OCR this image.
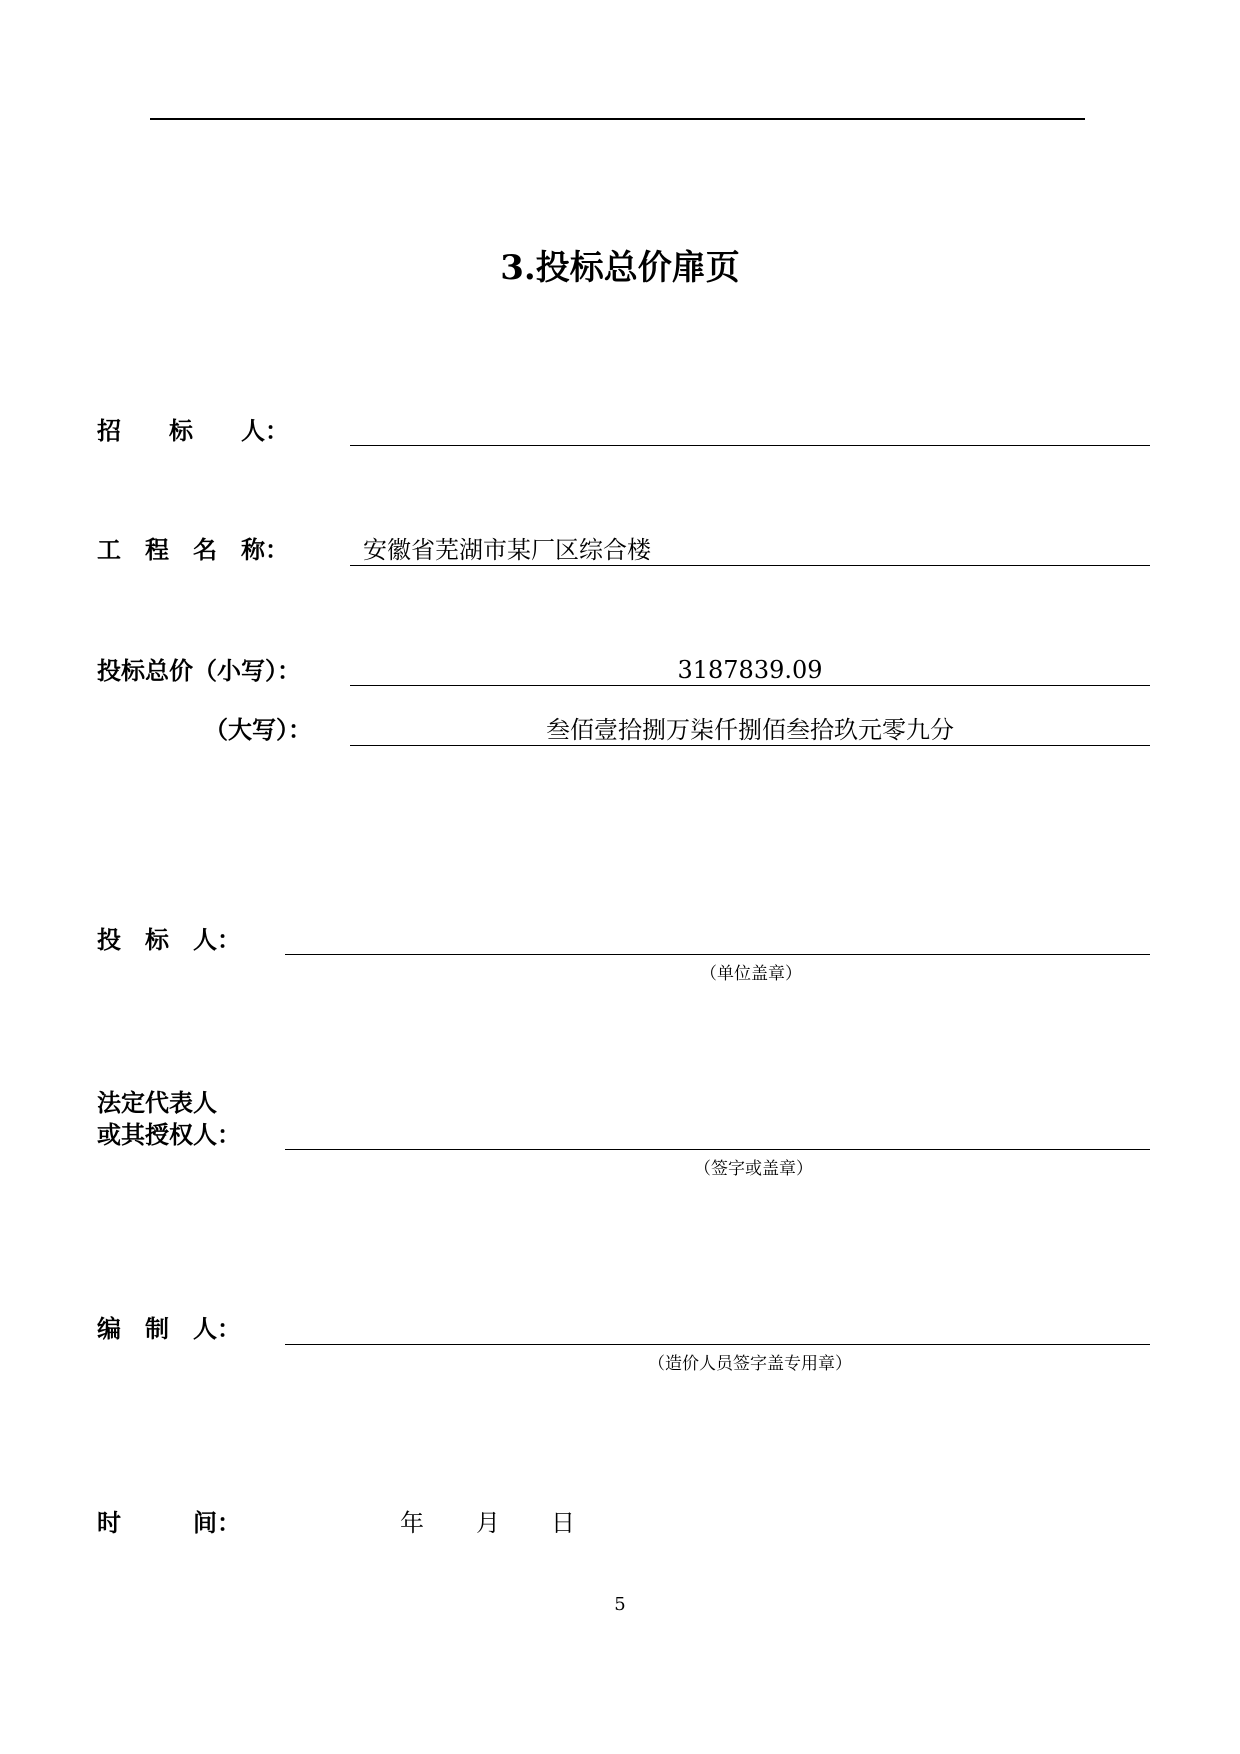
3.投标总价扉页
招　　标　　人：
工　程　名　称：	安徽省芜湖市某厂区综合楼
投标总价（小写）：	3187839.09
（大写）：	叁佰壹拾捌万柒仟捌佰叁拾玖元零九分
投　标　人：
（单位盖章）
法定代表人
或其授权人：
（签字或盖章）
编　制　人：
（造价人员签字盖专用章）
时　　　间：	年 月 日
5
